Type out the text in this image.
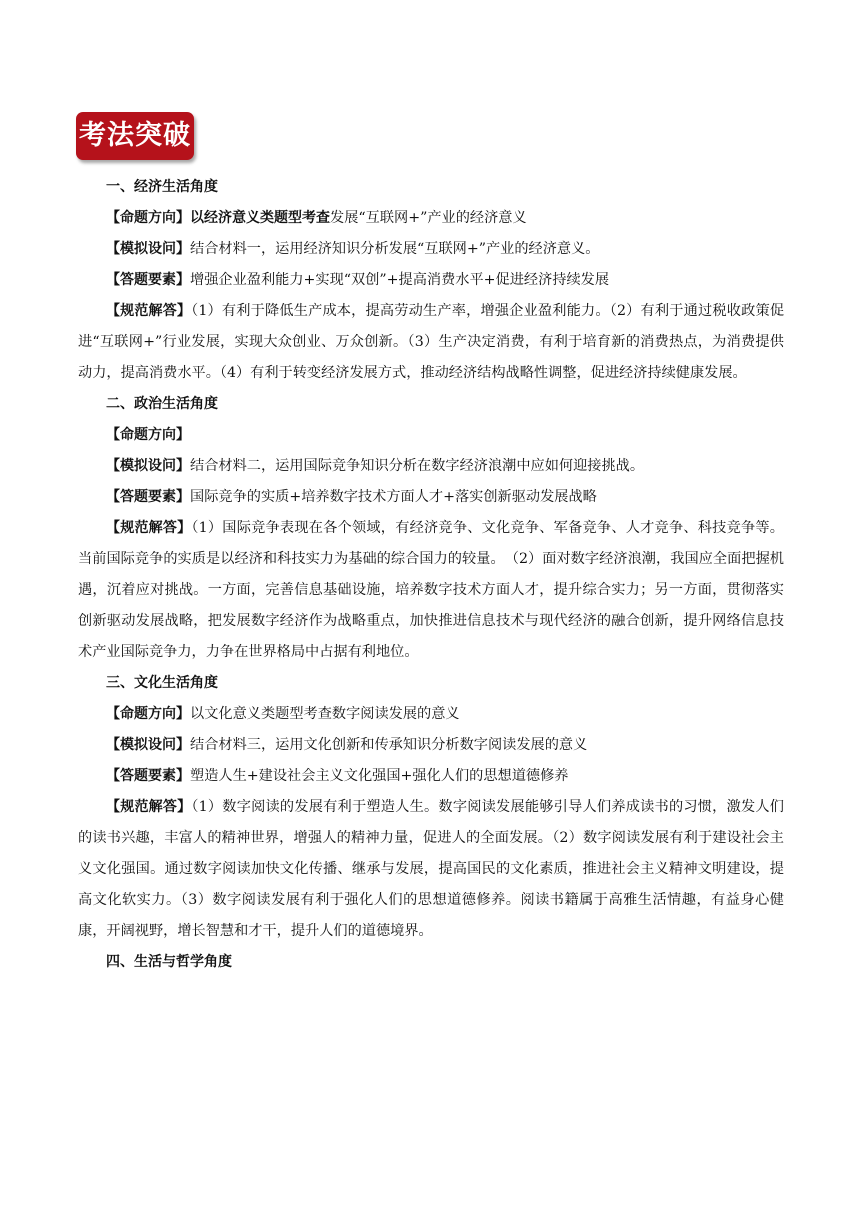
考法突破

一、经济生活角度

【命题方向】以经济意义类题型考查发展“互联网+”产业的经济意义

【模拟设问】结合材料一，运用经济知识分析发展“互联网+”产业的经济意义。

【答题要素】增强企业盈利能力+实现“双创”+提高消费水平+促进经济持续发展

【规范解答】（1）有利于降低生产成本，提高劳动生产率，增强企业盈利能力。（2）有利于通过税收政策促进“互联网+”行业发展，实现大众创业、万众创新。（3）生产决定消费，有利于培育新的消费热点，为消费提供动力，提高消费水平。（4）有利于转变经济发展方式，推动经济结构战略性调整，促进经济持续健康发展。

二、政治生活角度

【命题方向】

【模拟设问】结合材料二，运用国际竞争知识分析在数字经济浪潮中应如何迎接挑战。

【答题要素】国际竞争的实质+培养数字技术方面人才+落实创新驱动发展战略

【规范解答】（1）国际竞争表现在各个领域，有经济竞争、文化竞争、军备竞争、人才竞争、科技竞争等。当前国际竞争的实质是以经济和科技实力为基础的综合国力的较量。　（2）面对数字经济浪潮，我国应全面把握机遇，沉着应对挑战。一方面，完善信息基础设施，培养数字技术方面人才，提升综合实力；另一方面，贯彻落实创新驱动发展战略，把发展数字经济作为战略重点，加快推进信息技术与现代经济的融合创新，提升网络信息技术产业国际竞争力，力争在世界格局中占据有利地位。

三、文化生活角度

【命题方向】以文化意义类题型考查数字阅读发展的意义

【模拟设问】结合材料三，运用文化创新和传承知识分析数字阅读发展的意义

【答题要素】塑造人生+建设社会主义文化强国+强化人们的思想道德修养

【规范解答】（1）数字阅读的发展有利于塑造人生。数字阅读发展能够引导人们养成读书的习惯，激发人们的读书兴趣，丰富人的精神世界，增强人的精神力量，促进人的全面发展。（2）数字阅读发展有利于建设社会主义文化强国。通过数字阅读加快文化传播、继承与发展，提高国民的文化素质，推进社会主义精神文明建设，提高文化软实力。（3）数字阅读发展有利于强化人们的思想道德修养。阅读书籍属于高雅生活情趣，有益身心健康，开阔视野，增长智慧和才干，提升人们的道德境界。

四、生活与哲学角度
